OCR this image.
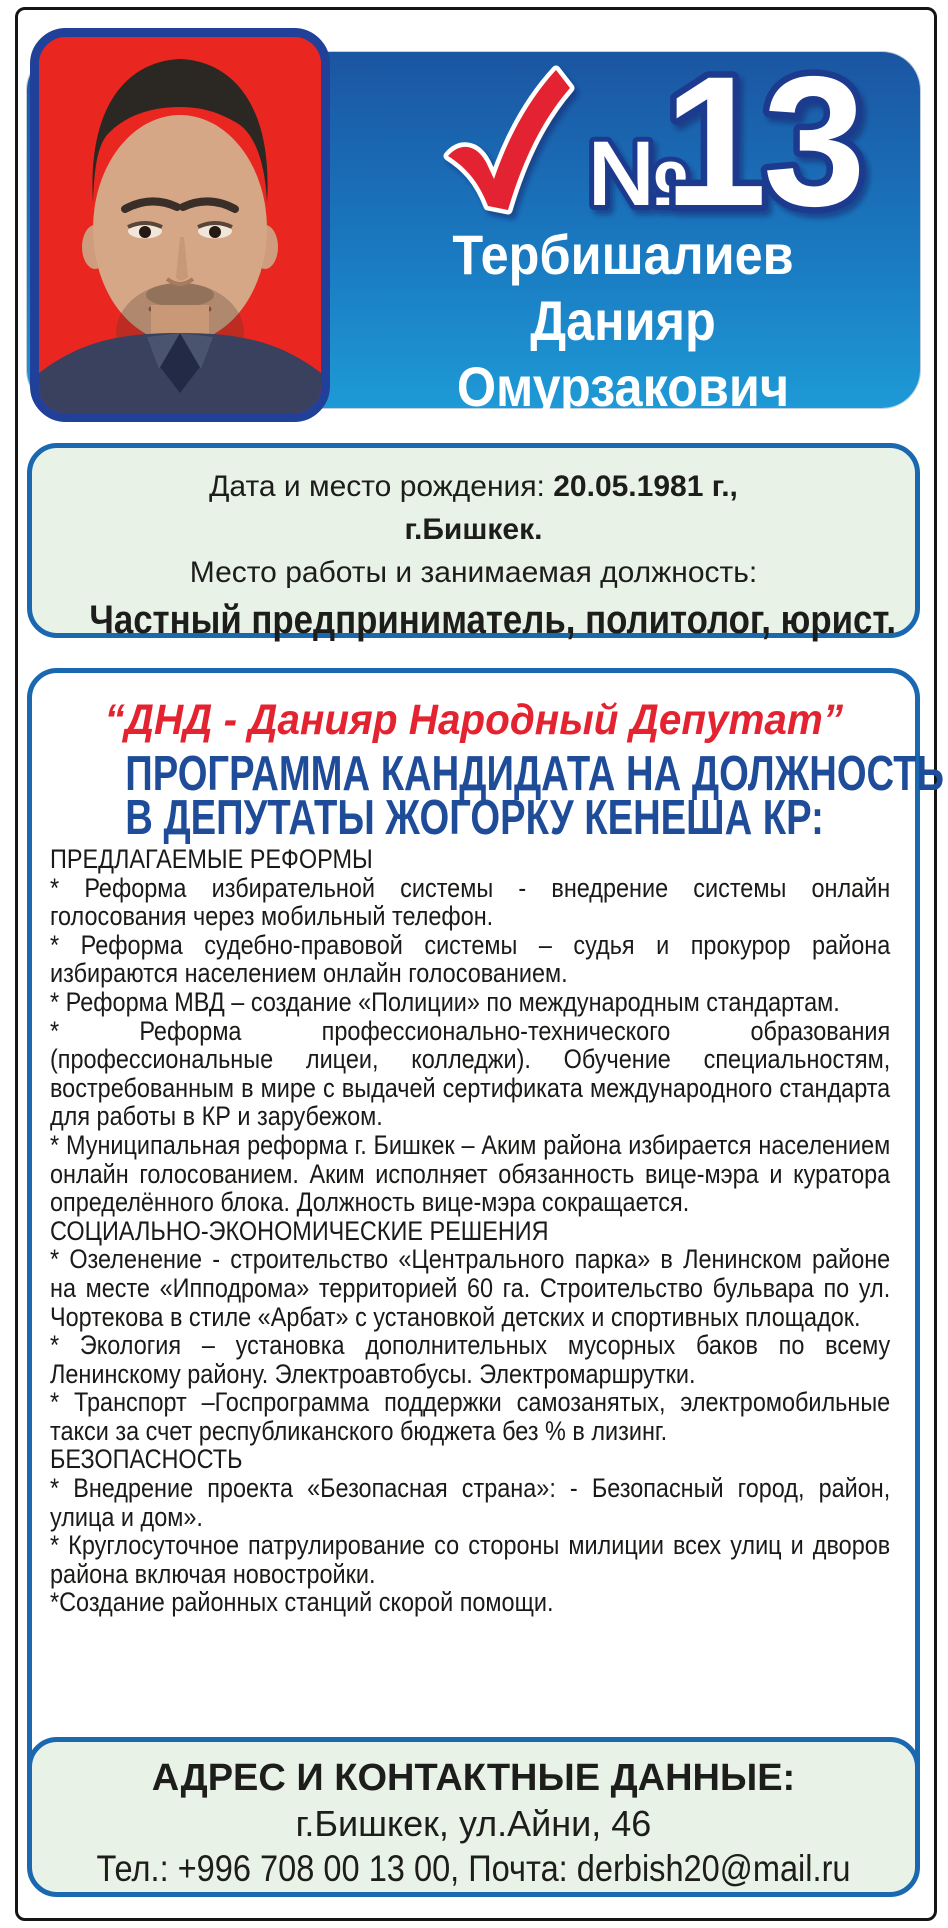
№
13
Тербишалиев
Данияр
Омурзакович
Дата и место рождения: 20.05.1981 г.,
г.Бишкек.
Место работы и занимаемая должность:
Частный предприниматель, политолог, юрист.
“ДНД - Данияр Народный Депутат”
ПРОГРАММА КАНДИДАТА НА ДОЛЖНОСТЬ
В ДЕПУТАТЫ ЖОГОРКУ КЕНЕША КР:

ПРЕДЛАГАЕМЫЕ РЕФОРМЫ

* Реформа избирательной системы - внедрение системы онлайн голосования через мобильный телефон.

* Реформа судебно-правовой системы – судья и прокурор района избираются населением онлайн голосованием.

* Реформа МВД – создание «Полиции» по международным стандартам.

* Реформа профессионально-технического образования (профессиональные лицеи, колледжи). Обучение специальностям, востребованным в мире с выдачей сертификата международного стандарта для работы в КР и зарубежом.

* Муниципальная реформа г. Бишкек – Аким района избирается населением онлайн голосованием. Аким исполняет обязанность вице-мэра и куратора определённого блока. Должность вице-мэра сокращается.

СОЦИАЛЬНО-ЭКОНОМИЧЕСКИЕ РЕШЕНИЯ

* Озеленение - строительство «Центрального парка» в Ленинском районе на месте «Ипподрома» территорией 60 га. Строительство бульвара по ул. Чортекова в стиле «Арбат» с установкой детских и спортивных площадок.

* Экология – установка дополнительных мусорных баков по всему Ленинскому району. Электроавтобусы. Электромаршрутки.

* Транспорт –Госпрограмма поддержки самозанятых, электромобильные такси за счет республиканского бюджета без % в лизинг.

БЕЗОПАСНОСТЬ

* Внедрение проекта «Безопасная страна»: - Безопасный город, район, улица и дом».

* Круглосуточное патрулирование со стороны милиции всех улиц и дворов района включая новостройки.

*Создание районных станций скорой помощи.

АДРЕС И КОНТАКТНЫЕ ДАННЫЕ:
г.Бишкек, ул.Айни, 46
Тел.: +996 708 00 13 00, Почта: derbish20@mail.ru
